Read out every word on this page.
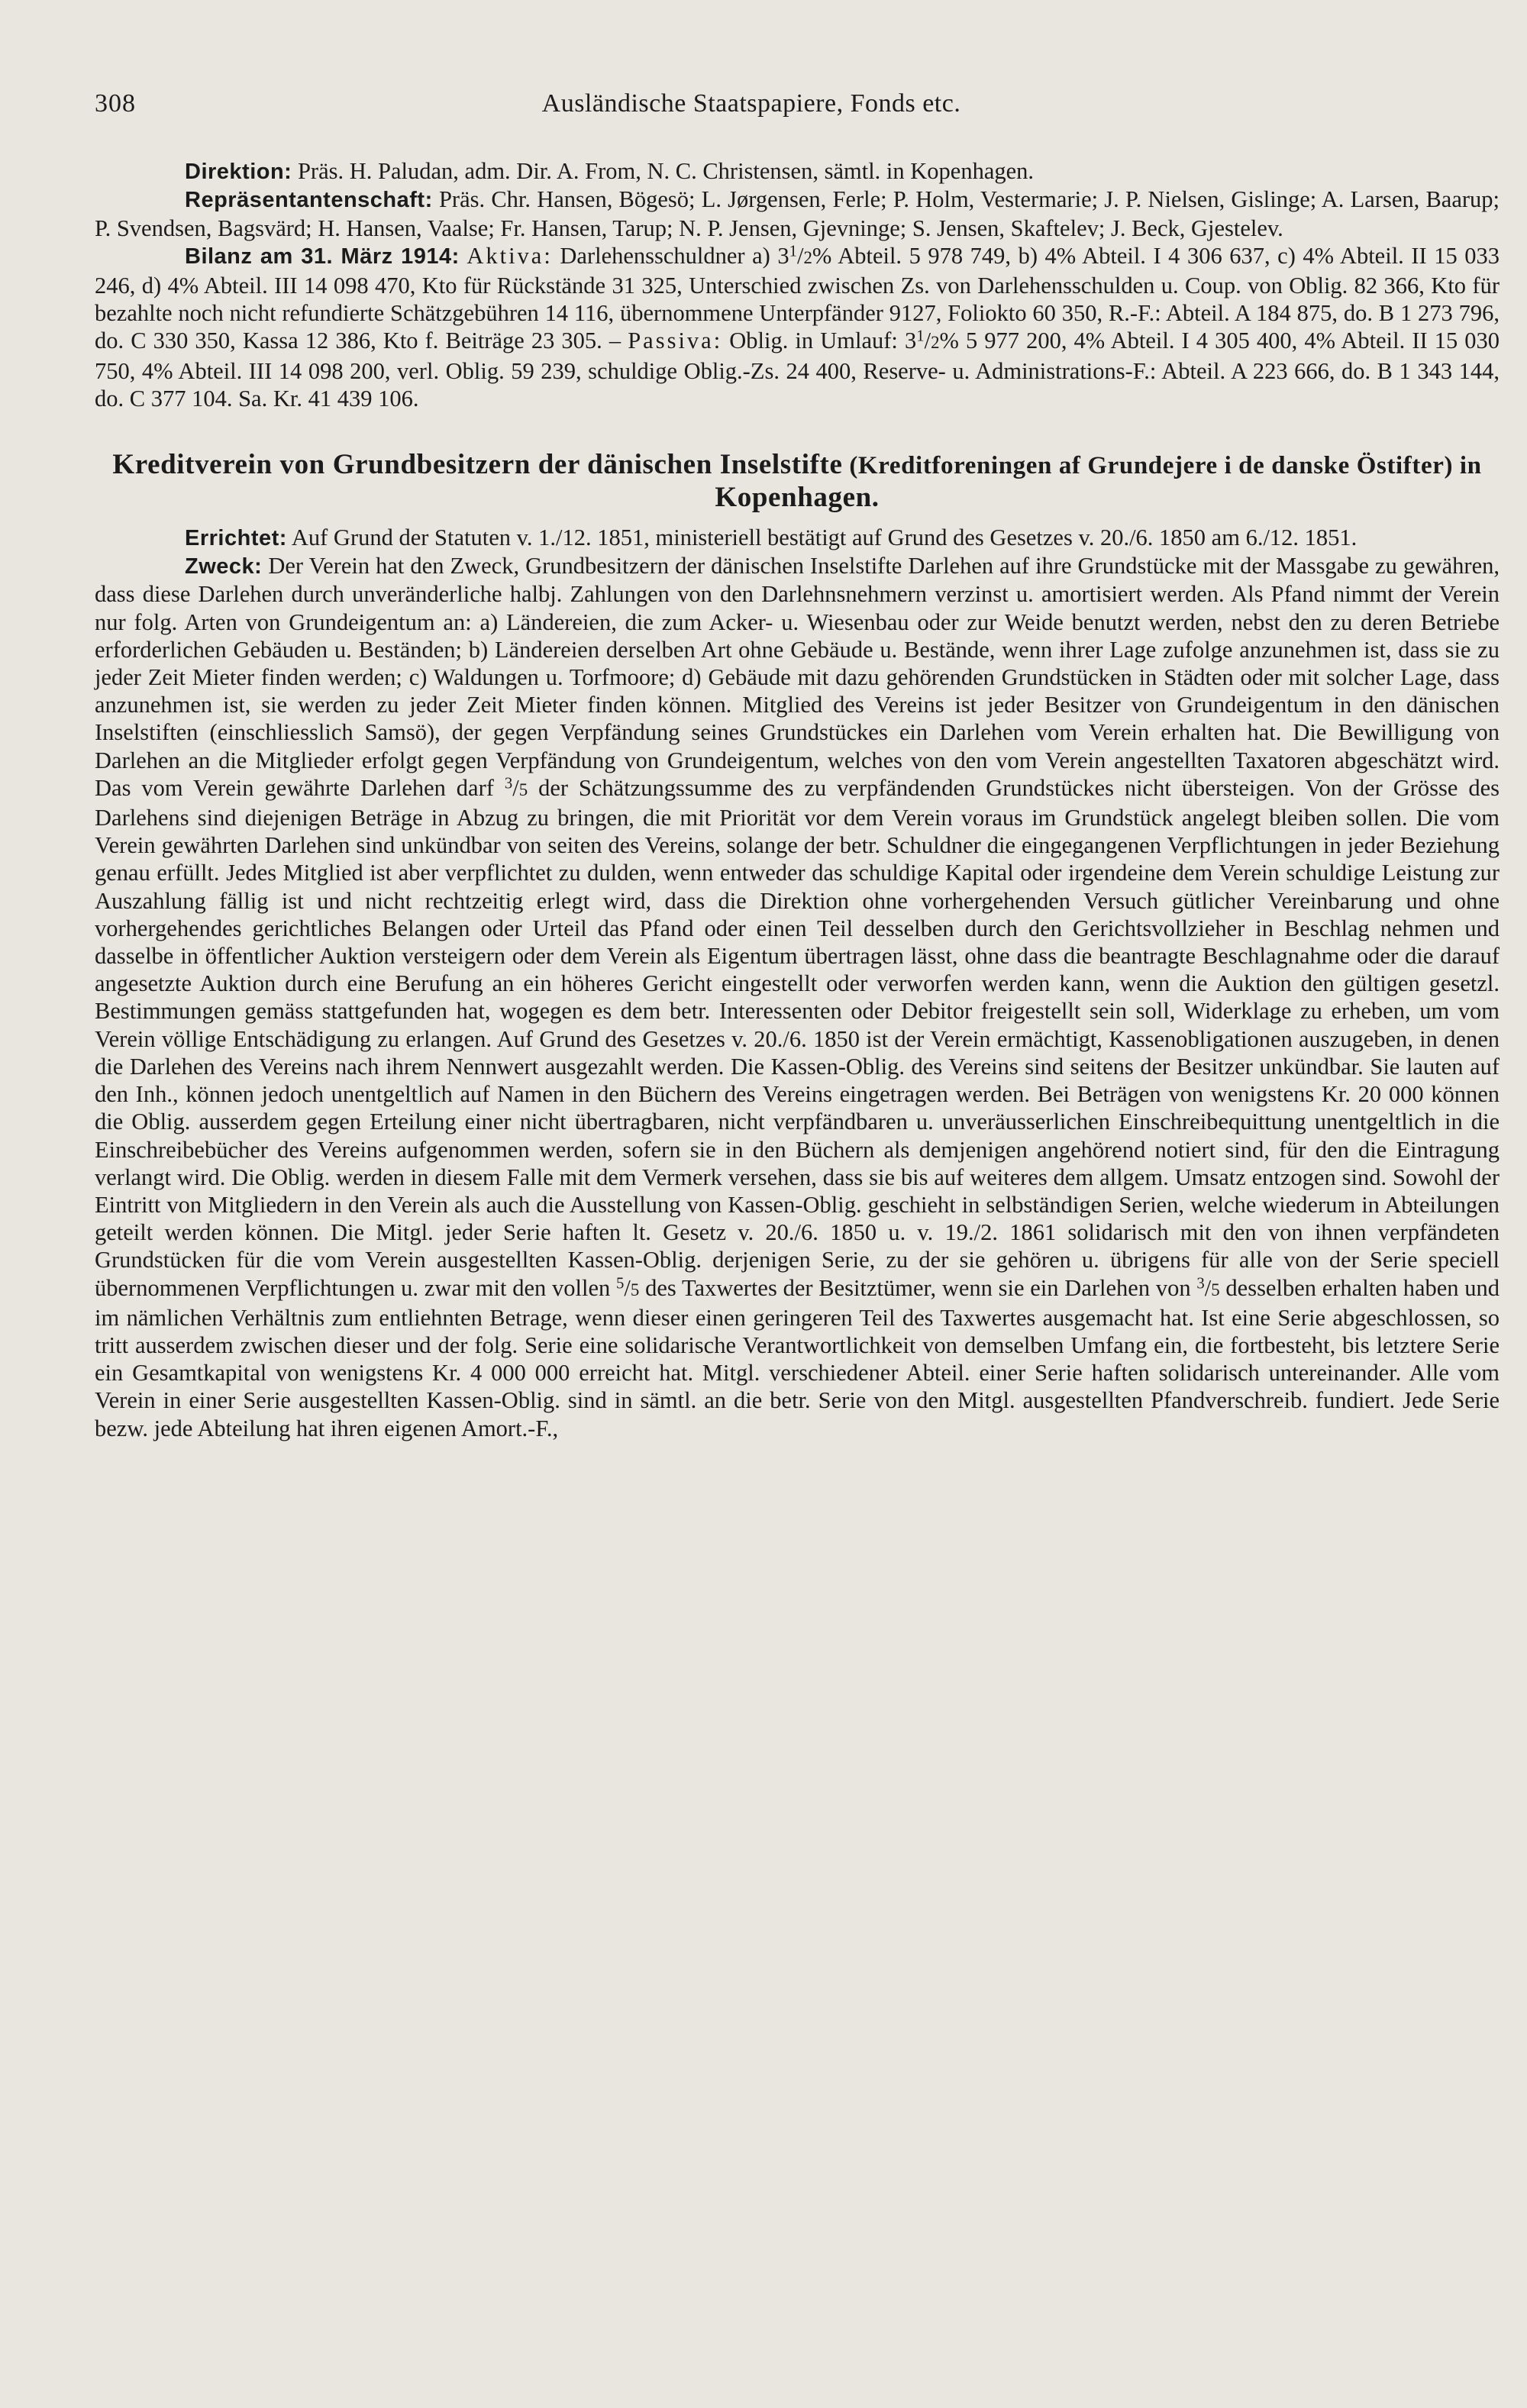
308	Ausländische Staatspapiere, Fonds etc.

Direktion: Präs. H. Paludan, adm. Dir. A. From, N. C. Christensen, sämtl. in Kopenhagen.

Repräsentantenschaft: Präs. Chr. Hansen, Bögesö; L. Jørgensen, Ferle; P. Holm, Vestermarie; J. P. Nielsen, Gislinge; A. Larsen, Baarup; P. Svendsen, Bagsvärd; H. Hansen, Vaalse; Fr. Hansen, Tarup; N. P. Jensen, Gjevninge; S. Jensen, Skaftelev; J. Beck, Gjestelev.

Bilanz am 31. März 1914: Aktiva: Darlehensschuldner a) $3^1/2\%$ Abteil. 5 978 749, b) 4% Abteil. I 4 306 637, c) 4% Abteil. II 15 033 246, d) 4% Abteil. III 14 098 470, Kto für Rückstände 31 325, Unterschied zwischen Zs. von Darlehensschulden u. Coup. von Oblig. 82 366, Kto für bezahlte noch nicht refundierte Schätzgebühren 14 116, übernommene Unterpfänder 9127, Foliokto 60 350, R.-F.: Abteil. A 184 875, do. B 1 273 796, do. C 330 350, Kassa 12 386, Kto f. Beiträge 23 305. – Passiva: Oblig. in Umlauf: $3^1/2\%$ 5 977 200, 4% Abteil. I 4 305 400, 4% Abteil. II 15 030 750, 4% Abteil. III 14 098 200, verl. Oblig. 59 239, schuldige Oblig.-Zs. 24 400, Reserve- u. Administrations-F.: Abteil. A 223 666, do. B 1 343 144, do. C 377 104. Sa. Kr. 41 439 106.

Kreditverein von Grundbesitzern der dänischen Inselstifte (Kreditforeningen af Grundejere i de danske Östifter) in Kopenhagen.

Errichtet: Auf Grund der Statuten v. 1./12. 1851, ministeriell bestätigt auf Grund des Gesetzes v. 20./6. 1850 am 6./12. 1851.

Zweck: Der Verein hat den Zweck, Grundbesitzern der dänischen Inselstifte Darlehen auf ihre Grundstücke mit der Massgabe zu gewähren, dass diese Darlehen durch unveränderliche halbj. Zahlungen von den Darlehnsnehmern verzinst u. amortisiert werden. Als Pfand nimmt der Verein nur folg. Arten von Grundeigentum an: a) Ländereien, die zum Acker- u. Wiesenbau oder zur Weide benutzt werden, nebst den zu deren Betriebe erforderlichen Gebäuden u. Beständen; b) Ländereien derselben Art ohne Gebäude u. Bestände, wenn ihrer Lage zufolge anzunehmen ist, dass sie zu jeder Zeit Mieter finden werden; c) Waldungen u. Torfmoore; d) Gebäude mit dazu gehörenden Grundstücken in Städten oder mit solcher Lage, dass anzunehmen ist, sie werden zu jeder Zeit Mieter finden können. Mitglied des Vereins ist jeder Besitzer von Grundeigentum in den dänischen Inselstiften (einschliesslich Samsö), der gegen Verpfändung seines Grundstückes ein Darlehen vom Verein erhalten hat. Die Bewilligung von Darlehen an die Mitglieder erfolgt gegen Verpfändung von Grundeigentum, welches von den vom Verein angestellten Taxatoren abgeschätzt wird. Das vom Verein gewährte Darlehen darf $^3$/5 der Schätzungssumme des zu verpfändenden Grundstückes nicht übersteigen. Von der Grösse des Darlehens sind diejenigen Beträge in Abzug zu bringen, die mit Priorität vor dem Verein voraus im Grundstück angelegt bleiben sollen. Die vom Verein gewährten Darlehen sind unkündbar von seiten des Vereins, solange der betr. Schuldner die eingegangenen Verpflichtungen in jeder Beziehung genau erfüllt. Jedes Mitglied ist aber verpflichtet zu dulden, wenn entweder das schuldige Kapital oder irgendeine dem Verein schuldige Leistung zur Auszahlung fällig ist und nicht rechtzeitig erlegt wird, dass die Direktion ohne vorhergehenden Versuch gütlicher Vereinbarung und ohne vorhergehendes gerichtliches Belangen oder Urteil das Pfand oder einen Teil desselben durch den Gerichtsvollzieher in Beschlag nehmen und dasselbe in öffentlicher Auktion versteigern oder dem Verein als Eigentum übertragen lässt, ohne dass die beantragte Beschlagnahme oder die darauf angesetzte Auktion durch eine Berufung an ein höheres Gericht eingestellt oder verworfen werden kann, wenn die Auktion den gültigen gesetzl. Bestimmungen gemäss stattgefunden hat, wogegen es dem betr. Interessenten oder Debitor freigestellt sein soll, Widerklage zu erheben, um vom Verein völlige Entschädigung zu erlangen. Auf Grund des Gesetzes v. 20./6. 1850 ist der Verein ermächtigt, Kassenobligationen auszugeben, in denen die Darlehen des Vereins nach ihrem Nennwert ausgezahlt werden. Die Kassen-Oblig. des Vereins sind seitens der Besitzer unkündbar. Sie lauten auf den Inh., können jedoch unentgeltlich auf Namen in den Büchern des Vereins eingetragen werden. Bei Beträgen von wenigstens Kr. 20 000 können die Oblig. ausserdem gegen Erteilung einer nicht übertragbaren, nicht verpfändbaren u. unveräusserlichen Einschreibequittung unentgeltlich in die Einschreibebücher des Vereins aufgenommen werden, sofern sie in den Büchern als demjenigen angehörend notiert sind, für den die Eintragung verlangt wird. Die Oblig. werden in diesem Falle mit dem Vermerk versehen, dass sie bis auf weiteres dem allgem. Umsatz entzogen sind. Sowohl der Eintritt von Mitgliedern in den Verein als auch die Ausstellung von Kassen-Oblig. geschieht in selbständigen Serien, welche wiederum in Abteilungen geteilt werden können. Die Mitgl. jeder Serie haften lt. Gesetz v. 20./6. 1850 u. v. 19./2. 1861 solidarisch mit den von ihnen verpfändeten Grundstücken für die vom Verein ausgestellten Kassen-Oblig. derjenigen Serie, zu der sie gehören u. übrigens für alle von der Serie speciell übernommenen Verpflichtungen u. zwar mit den vollen $^5$/5 des Taxwertes der Besitztümer, wenn sie ein Darlehen von $^3$/5 desselben erhalten haben und im nämlichen Verhältnis zum entliehnten Betrage, wenn dieser einen geringeren Teil des Taxwertes ausgemacht hat. Ist eine Serie abgeschlossen, so tritt ausserdem zwischen dieser und der folg. Serie eine solidarische Verantwortlichkeit von demselben Umfang ein, die fortbesteht, bis letztere Serie ein Gesamtkapital von wenigstens Kr. 4 000 000 erreicht hat. Mitgl. verschiedener Abteil. einer Serie haften solidarisch untereinander. Alle vom Verein in einer Serie ausgestellten Kassen-Oblig. sind in sämtl. an die betr. Serie von den Mitgl. ausgestellten Pfandverschreib. fundiert. Jede Serie bezw. jede Abteilung hat ihren eigenen Amort.-F.,
